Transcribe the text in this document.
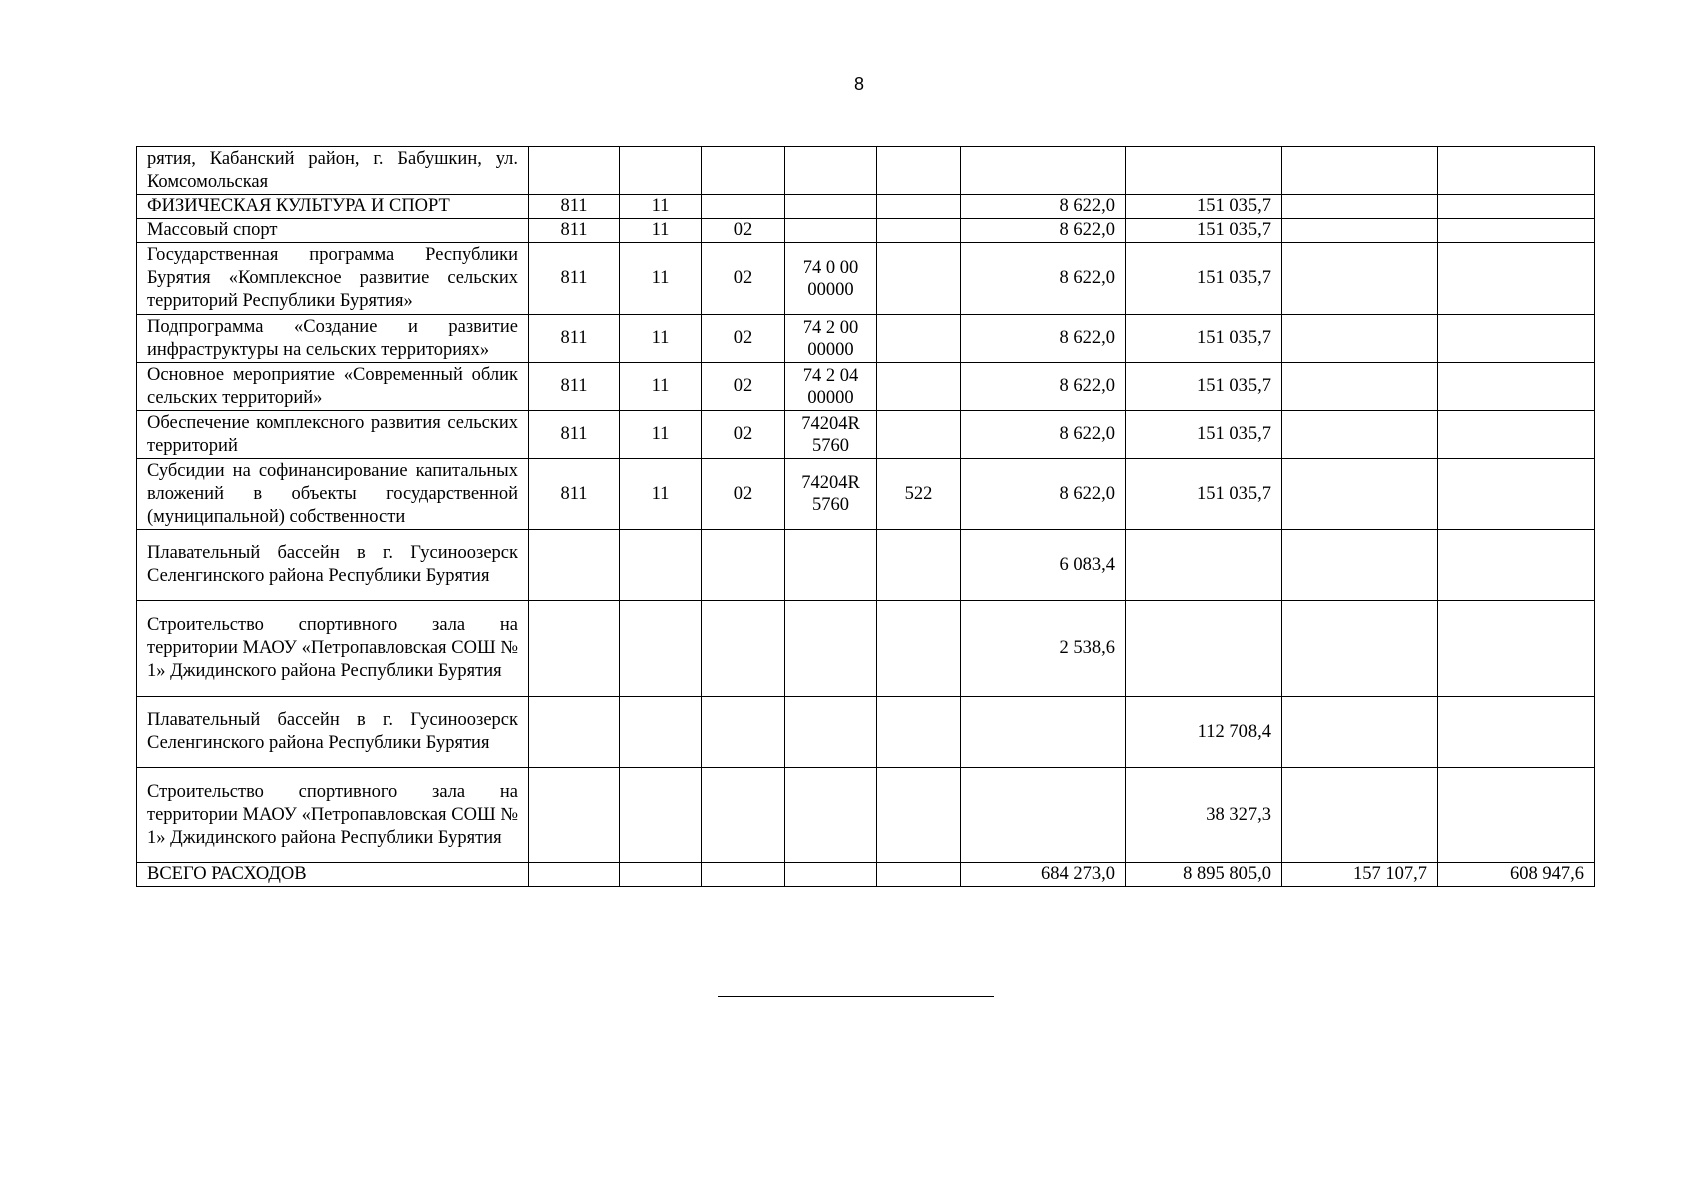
8
рятия, Кабанский район, г. Бабушкин, ул. Комсомольская									
ФИЗИЧЕСКАЯ КУЛЬТУРА И СПОРТ	811	11				8 622,0	151 035,7		
Массовый спорт	811	11	02			8 622,0	151 035,7		
Государственная программа Республики Бурятия «Комплексное развитие сельских территорий Республики Бурятия»	811	11	02	74 0 00 00000		8 622,0	151 035,7		
Подпрограмма «Создание и развитие инфраструктуры на сельских территориях»	811	11	02	74 2 00 00000		8 622,0	151 035,7		
Основное мероприятие «Современный облик сельских территорий»	811	11	02	74 2 04 00000		8 622,0	151 035,7		
Обеспечение комплексного развития сельских территорий	811	11	02	74204R 5760		8 622,0	151 035,7		
Субсидии на софинансирование капитальных вложений в объекты государственной (муниципальной) собственности	811	11	02	74204R 5760	522	8 622,0	151 035,7		
Плавательный бассейн в г. Гусиноозерск Селенгинского района Республики Бурятия						6 083,4			
Строительство спортивного зала на территории МАОУ «Петропавловская СОШ № 1» Джидинского района Республики Бурятия						2 538,6			
Плавательный бассейн в г. Гусиноозерск Селенгинского района Республики Бурятия							112 708,4		
Строительство спортивного зала на территории МАОУ «Петропавловская СОШ № 1» Джидинского района Республики Бурятия							38 327,3		
ВСЕГО РАСХОДОВ						684 273,0	8 895 805,0	157 107,7	608 947,6
